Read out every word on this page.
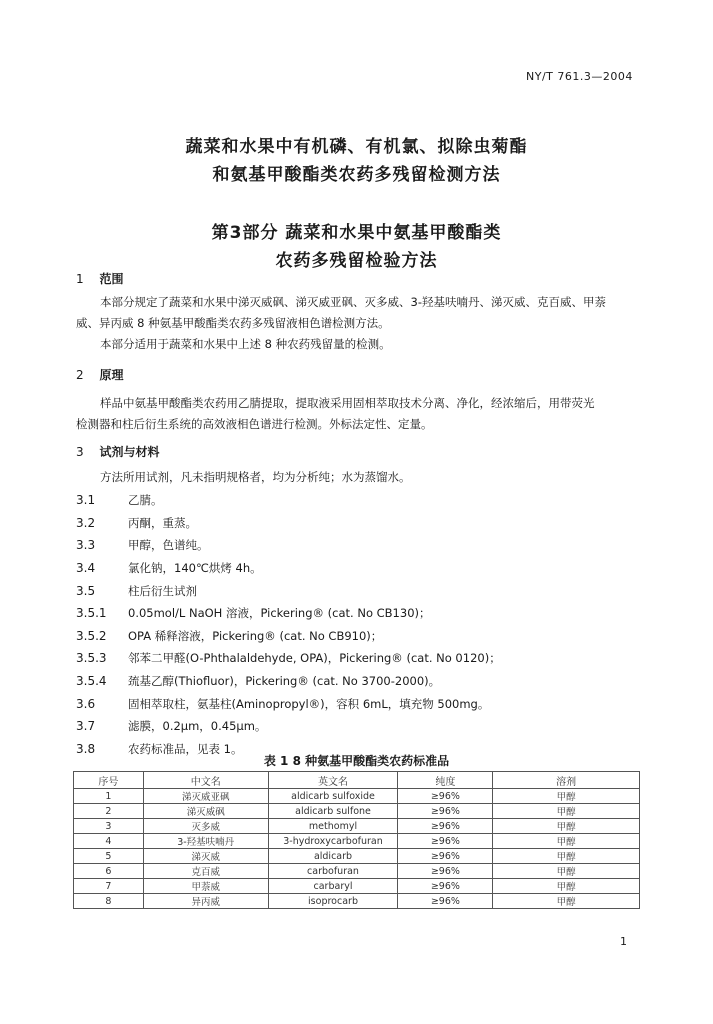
NY/T 761.3—2004
蔬菜和水果中有机磷、有机氯、拟除虫菊酯
和氨基甲酸酯类农药多残留检测方法
第3部分 蔬菜和水果中氨基甲酸酯类
农药多残留检验方法
1 范围
本部分规定了蔬菜和水果中涕灭威砜、涕灭威亚砜、灭多威、3-羟基呋喃丹、涕灭威、克百威、甲萘
威、异丙威 8 种氨基甲酸酯类农药多残留液相色谱检测方法。
本部分适用于蔬菜和水果中上述 8 种农药残留量的检测。
2 原理
样品中氨基甲酸酯类农药用乙腈提取，提取液采用固相萃取技术分离、净化，经浓缩后，用带荧光
检测器和柱后衍生系统的高效液相色谱进行检测。外标法定性、定量。
3 试剂与材料
方法所用试剂，凡未指明规格者，均为分析纯；水为蒸馏水。
3.1	乙腈。
3.2	丙酮，重蒸。
3.3	甲醇，色谱纯。
3.4	氯化钠，140℃烘烤 4h。
3.5	柱后衍生试剂
3.5.1 0.05mol/L NaOH 溶液，Pickering® (cat. No CB130)；
3.5.2 OPA 稀释溶液，Pickering® (cat. No CB910)；
3.5.3 邻苯二甲醛(O-Phthalaldehyde, OPA)，Pickering® (cat. No 0120)；
3.5.4 巯基乙醇(Thiofluor)，Pickering® (cat. No 3700-2000)。
3.6	固相萃取柱，氨基柱(Aminopropyl®)，容积 6mL，填充物 500mg。
3.7	滤膜，0.2μm，0.45μm。
3.8	农药标准品，见表 1。
表 1 8 种氨基甲酸酯类农药标准品
序号	中文名	英文名	纯度	溶剂
1	涕灭威亚砜	aldicarb sulfoxide	≥96%	甲醇
2	涕灭威砜	aldicarb sulfone	≥96%	甲醇
3	灭多威	methomyl	≥96%	甲醇
4	3-羟基呋喃丹	3-hydroxycarbofuran	≥96%	甲醇
5	涕灭威	aldicarb	≥96%	甲醇
6	克百威	carbofuran	≥96%	甲醇
7	甲萘威	carbaryl	≥96%	甲醇
8	异丙威	isoprocarb	≥96%	甲醇
1
